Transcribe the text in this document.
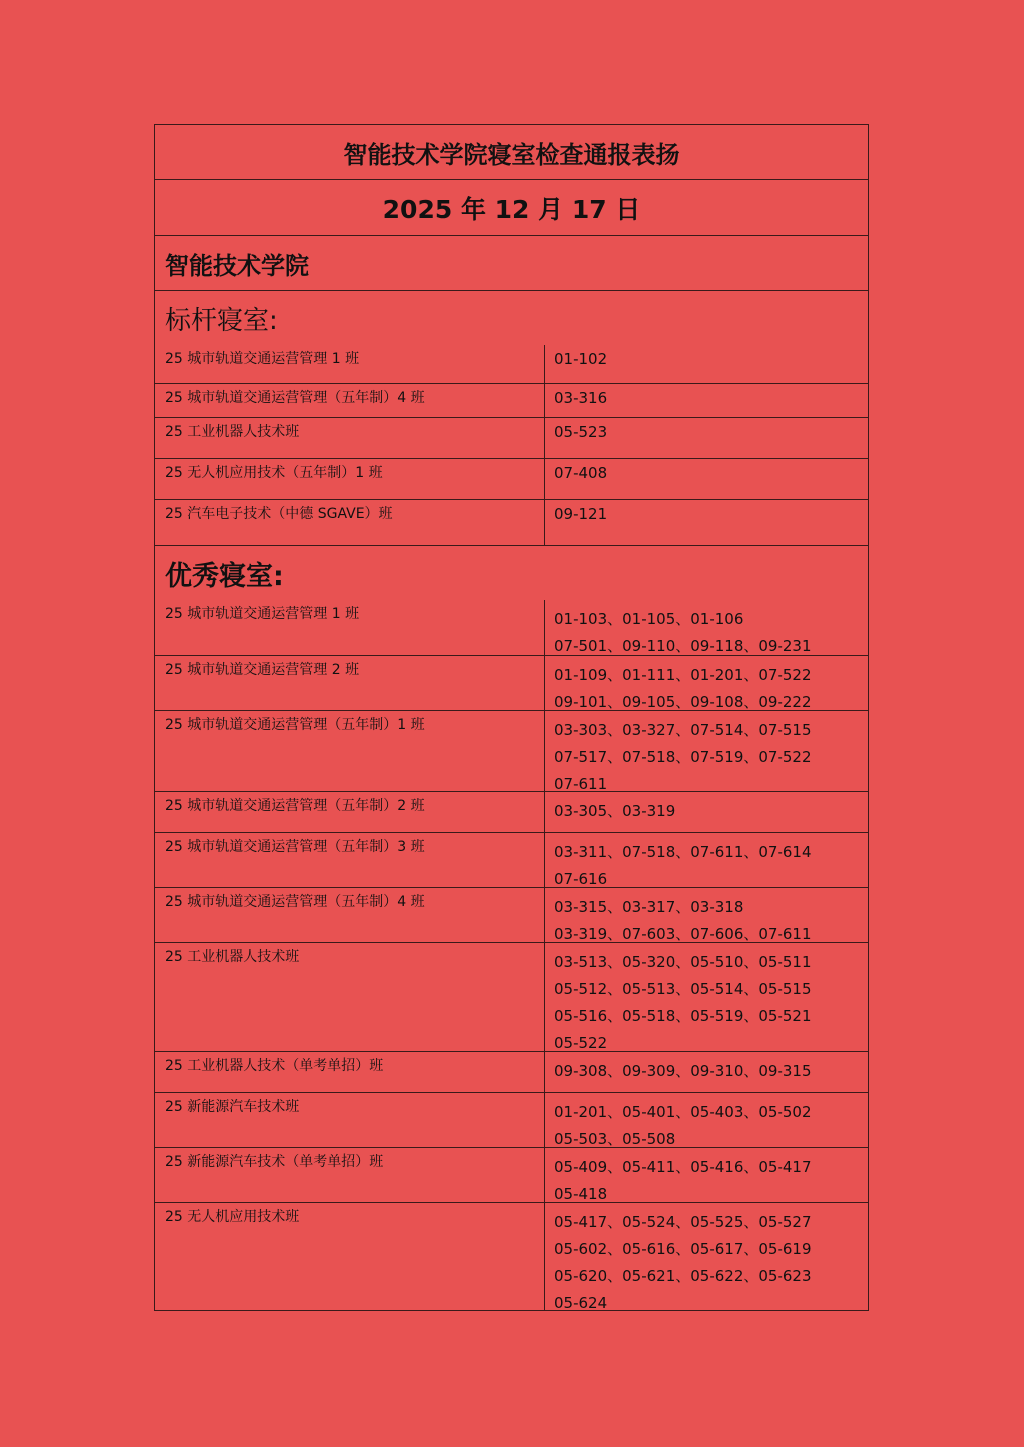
智能技术学院寝室检查通报表扬
2025 年 12 月 17 日
智能技术学院
标杆寝室:
25 城市轨道交通运营管理 1 班	01-102
25 城市轨道交通运营管理（五年制）4 班	03-316
25 工业机器人技术班	05-523
25 无人机应用技术（五年制）1 班	07-408
25 汽车电子技术（中德 SGAVE）班	09-121
优秀寝室:
25 城市轨道交通运营管理 1 班	01-103、01-105、01-106
07-501、09-110、09-118、09-231
25 城市轨道交通运营管理 2 班	01-109、01-111、01-201、07-522
09-101、09-105、09-108、09-222
25 城市轨道交通运营管理（五年制）1 班	03-303、03-327、07-514、07-515
07-517、07-518、07-519、07-522
07-611
25 城市轨道交通运营管理（五年制）2 班	03-305、03-319
25 城市轨道交通运营管理（五年制）3 班	03-311、07-518、07-611、07-614
07-616
25 城市轨道交通运营管理（五年制）4 班	03-315、03-317、03-318
03-319、07-603、07-606、07-611
25 工业机器人技术班	03-513、05-320、05-510、05-511
05-512、05-513、05-514、05-515
05-516、05-518、05-519、05-521
05-522
25 工业机器人技术（单考单招）班	09-308、09-309、09-310、09-315
25 新能源汽车技术班	01-201、05-401、05-403、05-502
05-503、05-508
25 新能源汽车技术（单考单招）班	05-409、05-411、05-416、05-417
05-418
25 无人机应用技术班	05-417、05-524、05-525、05-527
05-602、05-616、05-617、05-619
05-620、05-621、05-622、05-623
05-624
